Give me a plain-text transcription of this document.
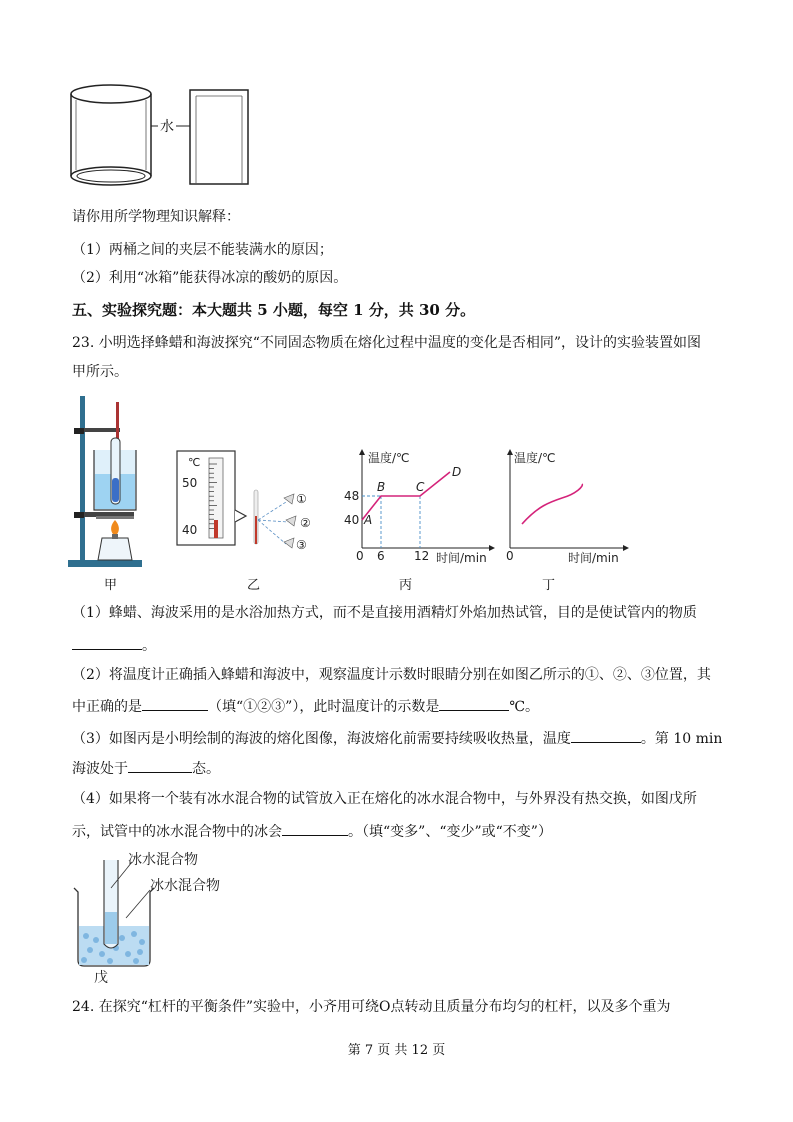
水
请你用所学物理知识解释：
（1）两桶之间的夹层不能装满水的原因；
（2）利用“冰箱”能获得冰凉的酸奶的原因。
五、实验探究题：本大题共 5 小题，每空 1 分，共 30 分。
23. 小明选择蜂蜡和海波探究“不同固态物质在熔化过程中温度的变化是否相同”，设计的实验装置如图
甲所示。
甲
℃
50
40
①
②
③
乙
温度/℃
时间/min
48
40
0 6 12
A
B	C
D
丙
温度/℃
时间/min
0
丁
（1）蜂蜡、海波采用的是水浴加热方式，而不是直接用酒精灯外焰加热试管，目的是使试管内的物质
。
（2）将温度计正确插入蜂蜡和海波中，观察温度计示数时眼睛分别在如图乙所示的①、②、③位置，其
中正确的是	（填“①②③”），此时温度计的示数是	℃。
（3）如图丙是小明绘制的海波的熔化图像，海波熔化前需要持续吸收热量，温度	。第 10 min
海波处于	态。
（4）如果将一个装有冰水混合物的试管放入正在熔化的冰水混合物中，与外界没有热交换，如图戊所
示，试管中的冰水混合物中的冰会	。（填“变多”、“变少”或“不变”）
冰水混合物
冰水混合物
戊
24. 在探究“杠杆的平衡条件”实验中，小齐用可绕O点转动且质量分布均匀的杠杆，以及多个重为
第 7 页 共 12 页
